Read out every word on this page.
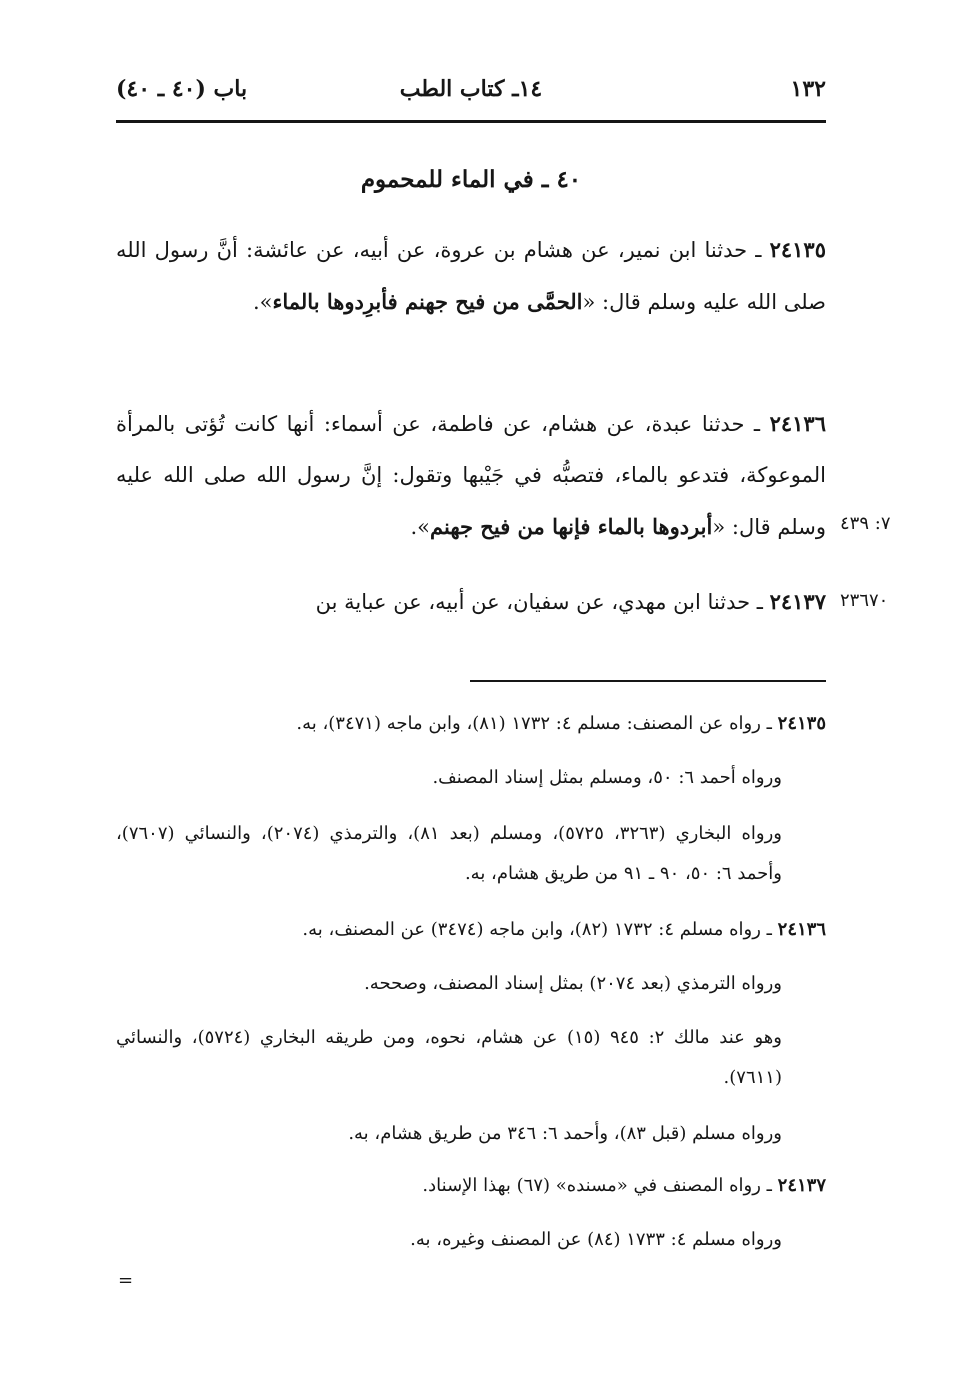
١٣٢
١٤ـ كتاب الطب
باب (٤٠ ـ ٤٠)
٤٠ ـ في الماء للمحموم
٢٤١٣٥ ـ حدثنا ابن نمير، عن هشام بن عروة، عن أبيه، عن عائشة: أنَّ رسول الله صلى الله عليه وسلم قال: «الحمَّى من فيح جهنم فأبرِدوها بالماء».
٢٤١٣٦ ـ حدثنا عبدة، عن هشام، عن فاطمة، عن أسماء: أنها كانت تُؤتى بالمرأة الموعوكة، فتدعو بالماء، فتصبُّه في جَيْبها وتقول: إنَّ رسول الله صلى الله عليه وسلم قال: «أبردوها بالماء فإنها من فيح جهنم».	٧: ٤٣٩
٢٤١٣٧ ـ حدثنا ابن مهدي، عن سفيان، عن أبيه، عن عباية بن	٢٣٦٧٠
٢٤١٣٥ ـ رواه عن المصنف: مسلم ٤: ١٧٣٢ (٨١)، وابن ماجه (٣٤٧١)، به.
ورواه أحمد ٦: ٥٠، ومسلم بمثل إسناد المصنف.
ورواه البخاري (٣٢٦٣، ٥٧٢٥)، ومسلم (بعد ٨١)، والترمذي (٢٠٧٤)، والنسائي (٧٦٠٧)، وأحمد ٦: ٥٠، ٩٠ ـ ٩١ من طريق هشام، به.
٢٤١٣٦ ـ رواه مسلم ٤: ١٧٣٢ (٨٢)، وابن ماجه (٣٤٧٤) عن المصنف، به.
ورواه الترمذي (بعد ٢٠٧٤) بمثل إسناد المصنف، وصححه.
وهو عند مالك ٢: ٩٤٥ (١٥) عن هشام، نحوه، ومن طريقه البخاري (٥٧٢٤)، والنسائي (٧٦١١).
ورواه مسلم (قبل ٨٣)، وأحمد ٦: ٣٤٦ من طريق هشام، به.
٢٤١٣٧ ـ رواه المصنف في «مسنده» (٦٧) بهذا الإسناد.
ورواه مسلم ٤: ١٧٣٣ (٨٤) عن المصنف وغيره، به.
=
